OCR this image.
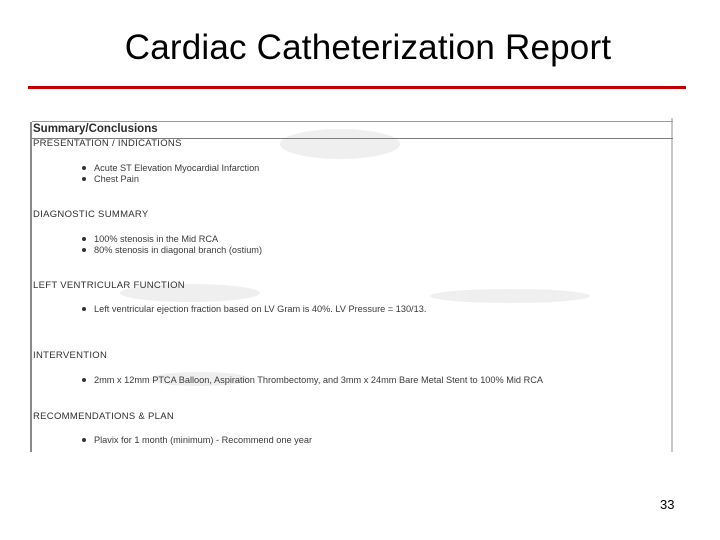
Cardiac Catheterization Report
Summary/Conclusions
PRESENTATION / INDICATIONS
Acute ST Elevation Myocardial Infarction
Chest Pain
DIAGNOSTIC SUMMARY
100% stenosis in the Mid RCA
80% stenosis in diagonal branch (ostium)
LEFT VENTRICULAR FUNCTION
Left ventricular ejection fraction based on LV Gram is 40%. LV Pressure = 130/13.
INTERVENTION
2mm x 12mm PTCA Balloon, Aspiration Thrombectomy, and 3mm x 24mm Bare Metal Stent to 100% Mid RCA
RECOMMENDATIONS & PLAN
Plavix for 1 month (minimum) - Recommend one year
33
